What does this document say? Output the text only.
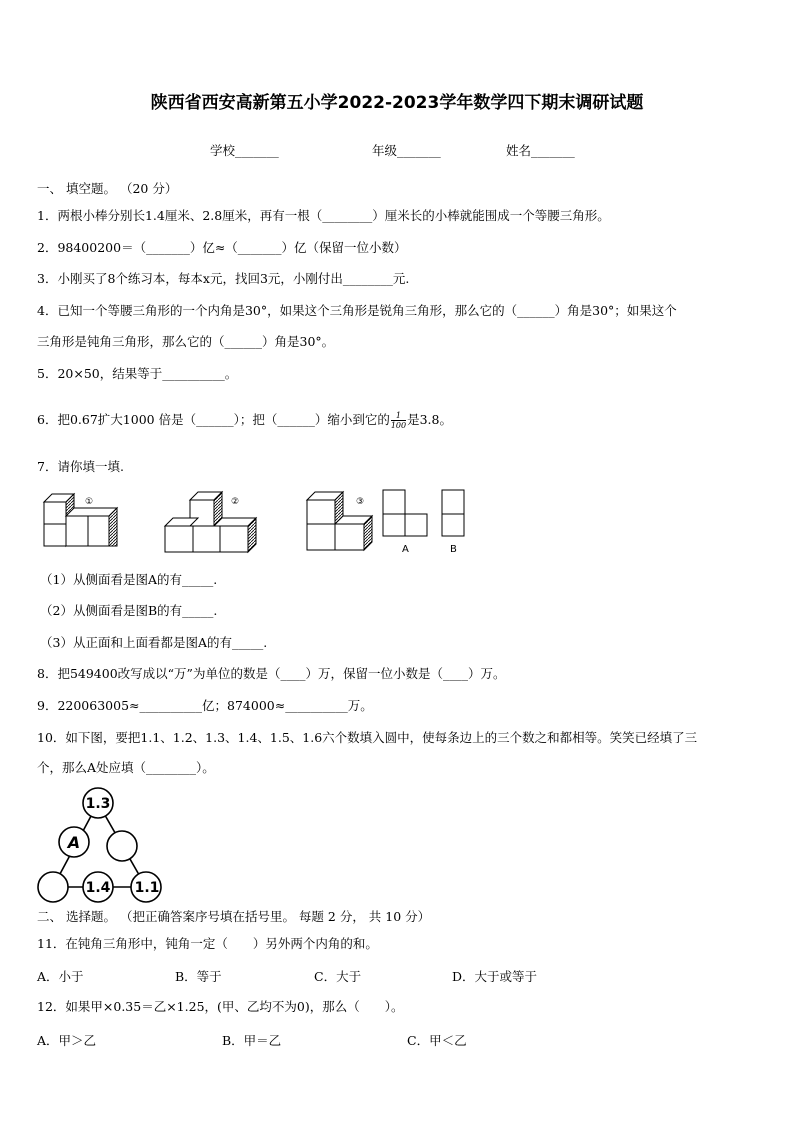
陕西省西安高新第五小学2022-2023学年数学四下期末调研试题
学校_______	年级_______	姓名_______
一、 填空题。 （20 分）
1．两根小棒分别长1.4厘米、2.8厘米，再有一根（________）厘米长的小棒就能围成一个等腰三角形。
2．98400200＝（_______）亿≈（_______）亿（保留一位小数）
3．小刚买了8个练习本，每本x元，找回3元，小刚付出________元.
4．已知一个等腰三角形的一个内角是30°，如果这个三角形是锐角三角形，那么它的（______）角是30°；如果这个
三角形是钝角三角形，那么它的（______）角是30°。
5．20×50，结果等于__________。
6．把0.67扩大1000 倍是（______）；把（______）缩小到它的 $\frac{1}{100}$ 是3.8。
7．请你填一填.
①	②	③
A	B
（1）从侧面看是图A的有_____.
（2）从侧面看是图B的有_____.
（3）从正面和上面看都是图A的有_____.
8．把549400改写成以“万”为单位的数是（____）万，保留一位小数是（____）万。
9．220063005≈__________亿；874000≈__________万。
10．如下图，要把1.1、1.2、1.3、1.4、1.5、1.6六个数填入圆中，使每条边上的三个数之和都相等。笑笑已经填了三
个，那么A处应填（________）。
1.3
A
1.4 1.1
二、 选择题。 （把正确答案序号填在括号里。 每题 2 分， 共 10 分）
11．在钝角三角形中，钝角一定（　　）另外两个内角的和。
A．小于	B．等于	C．大于	D．大于或等于
12．如果甲×0.35＝乙×1.25，(甲、乙均不为0)，那么（　　）。
A．甲＞乙	B．甲＝乙	C．甲＜乙
